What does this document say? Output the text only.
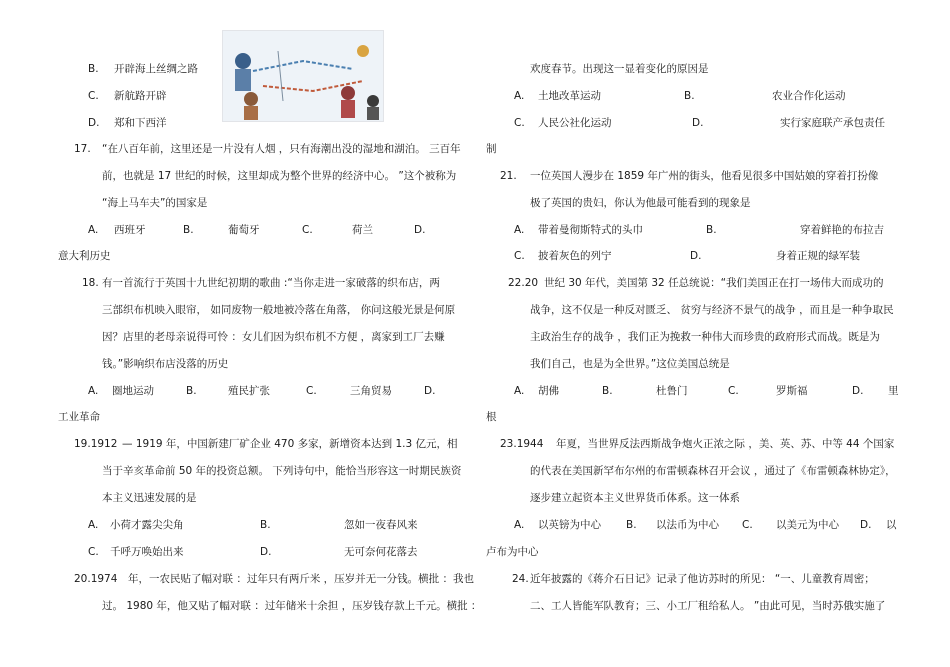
B. 开辟海上丝绸之路
C. 新航路开辟
D. 郑和下西洋
17. “在八百年前，这里还是一片没有人烟 ，只有海潮出没的湿地和湖泊。 三百年
前，也就是 17 世纪的时候，这里却成为整个世界的经济中心。 ”这个被称为
“海上马车夫”的国家是
A. 西班牙	B.	葡萄牙	C.	荷兰	D.
意大利历史
18. 有一首流行于英国十九世纪初期的歌曲 :“当你走进一家破落的织布店，两
三部织布机映入眼帘， 如同废物一般地被冷落在角落， 你问这般光景是何原
因？店里的老母亲说得可怜 ：女儿们因为织布机不方便 ，离家到工厂去赚
钱。”影响织布店没落的历史
A. 圈地运动	B.	殖民扩张	C.	三角贸易	D.
工业革命
19.1912 — 1919 年，中国新建厂矿企业 470 多家，新增资本达到 1.3 亿元，相
当于辛亥革命前 50 年的投资总额。 下列诗句中，能恰当形容这一时期民族资
本主义迅速发展的是
A. 小荷才露尖尖角	B.	忽如一夜春风来
C. 千呼万唤始出来	D.	无可奈何花落去
20.1974 年，一农民贴了幅对联 ：过年只有两斤米 ，压岁并无一分钱。横批 ：我也
过。 1980 年，他又贴了幅对联 ：过年储米十余担 ，压岁钱存款上千元。横批 ：
欢度春节。出现这一显着变化的原因是
A. 土地改革运动	B.	农业合作化运动
C. 人民公社化运动	D.	实行家庭联产承包责任
制
21. 一位英国人漫步在 1859 年广州的街头，他看见很多中国姑娘的穿着打扮像
极了英国的贵妇，你认为他最可能看到的现象是
A. 带着曼彻斯特式的头巾	B.	穿着鲜艳的布拉吉
C. 披着灰色的列宁	D.	身着正规的绿军装
22.20 世纪 30 年代，美国第 32 任总统说：“我们美国正在打一场伟大而成功的
战争，这不仅是一种反对匮乏、 贫穷与经济不景气的战争 ，而且是一种争取民
主政治生存的战争 ，我们正为挽救一种伟大而珍贵的政府形式而战。既是为
我们自己，也是为全世界。”这位美国总统是
A. 胡佛	B.	杜鲁门	C.	罗斯福	D. 里
根
23.1944 年夏，当世界反法西斯战争炮火正浓之际 ，美、英、苏、中等 44 个国家
的代表在美国新罕布尔州的布雷顿森林召开会议 ，通过了《布雷顿森林协定》，
逐步建立起资本主义世界货币体系。这一体系
A. 以英镑为中心 B. 以法币为中心 C. 以美元为中心 D. 以
卢布为中心
24. 近年披露的《蒋介石日记》记录了他访苏时的所见： “一、儿童教育周密；
二、工人皆能军队教育；三、小工厂租给私人。 ”由此可见，当时苏俄实施了
